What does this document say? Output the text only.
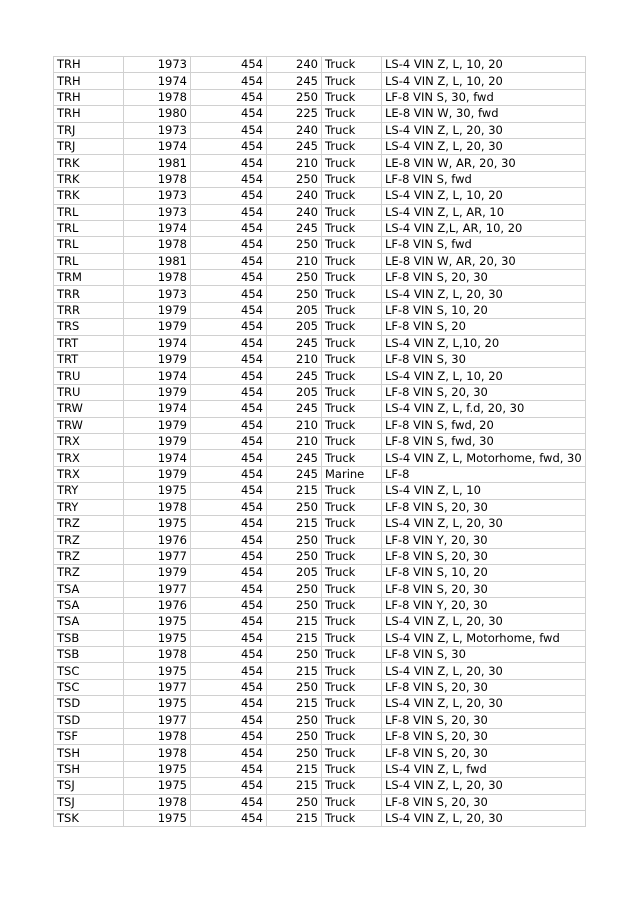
TRH	1973	454	240	Truck	LS-4 VIN Z, L, 10, 20
TRH	1974	454	245	Truck	LS-4 VIN Z, L, 10, 20
TRH	1978	454	250	Truck	LF-8 VIN S, 30, fwd
TRH	1980	454	225	Truck	LE-8 VIN W, 30, fwd
TRJ	1973	454	240	Truck	LS-4 VIN Z, L, 20, 30
TRJ	1974	454	245	Truck	LS-4 VIN Z, L, 20, 30
TRK	1981	454	210	Truck	LE-8 VIN W, AR, 20, 30
TRK	1978	454	250	Truck	LF-8 VIN S, fwd
TRK	1973	454	240	Truck	LS-4 VIN Z, L, 10, 20
TRL	1973	454	240	Truck	LS-4 VIN Z, L, AR, 10
TRL	1974	454	245	Truck	LS-4 VIN Z,L, AR, 10, 20
TRL	1978	454	250	Truck	LF-8 VIN S, fwd
TRL	1981	454	210	Truck	LE-8 VIN W, AR, 20, 30
TRM	1978	454	250	Truck	LF-8 VIN S, 20, 30
TRR	1973	454	250	Truck	LS-4 VIN Z, L, 20, 30
TRR	1979	454	205	Truck	LF-8 VIN S, 10, 20
TRS	1979	454	205	Truck	LF-8 VIN S, 20
TRT	1974	454	245	Truck	LS-4 VIN Z, L,10, 20
TRT	1979	454	210	Truck	LF-8 VIN S, 30
TRU	1974	454	245	Truck	LS-4 VIN Z, L, 10, 20
TRU	1979	454	205	Truck	LF-8 VIN S, 20, 30
TRW	1974	454	245	Truck	LS-4 VIN Z, L, f.d, 20, 30
TRW	1979	454	210	Truck	LF-8 VIN S, fwd, 20
TRX	1979	454	210	Truck	LF-8 VIN S, fwd, 30
TRX	1974	454	245	Truck	LS-4 VIN Z, L, Motorhome, fwd, 30
TRX	1979	454	245	Marine	LF-8
TRY	1975	454	215	Truck	LS-4 VIN Z, L, 10
TRY	1978	454	250	Truck	LF-8 VIN S, 20, 30
TRZ	1975	454	215	Truck	LS-4 VIN Z, L, 20, 30
TRZ	1976	454	250	Truck	LF-8 VIN Y, 20, 30
TRZ	1977	454	250	Truck	LF-8 VIN S, 20, 30
TRZ	1979	454	205	Truck	LF-8 VIN S, 10, 20
TSA	1977	454	250	Truck	LF-8 VIN S, 20, 30
TSA	1976	454	250	Truck	LF-8 VIN Y, 20, 30
TSA	1975	454	215	Truck	LS-4 VIN Z, L, 20, 30
TSB	1975	454	215	Truck	LS-4 VIN Z, L, Motorhome, fwd
TSB	1978	454	250	Truck	LF-8 VIN S, 30
TSC	1975	454	215	Truck	LS-4 VIN Z, L, 20, 30
TSC	1977	454	250	Truck	LF-8 VIN S, 20, 30
TSD	1975	454	215	Truck	LS-4 VIN Z, L, 20, 30
TSD	1977	454	250	Truck	LF-8 VIN S, 20, 30
TSF	1978	454	250	Truck	LF-8 VIN S, 20, 30
TSH	1978	454	250	Truck	LF-8 VIN S, 20, 30
TSH	1975	454	215	Truck	LS-4 VIN Z, L, fwd
TSJ	1975	454	215	Truck	LS-4 VIN Z, L, 20, 30
TSJ	1978	454	250	Truck	LF-8 VIN S, 20, 30
TSK	1975	454	215	Truck	LS-4 VIN Z, L, 20, 30
